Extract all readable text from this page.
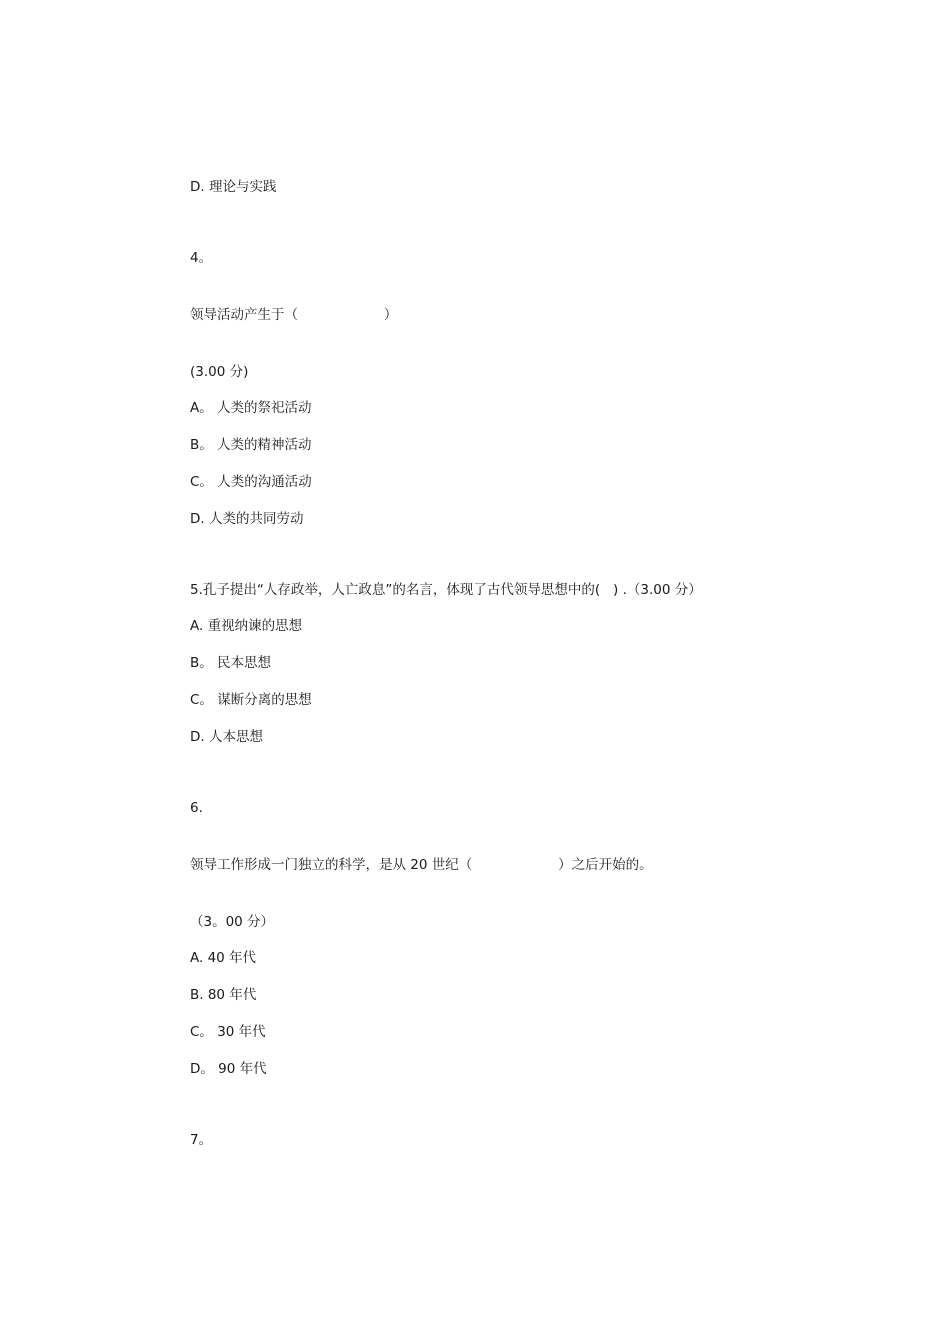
D. 理论与实践
4。
领导活动产生于（                    ）
(3.00 分)
A。 人类的祭祀活动
B。 人类的精神活动
C。 人类的沟通活动
D. 人类的共同劳动
5.孔子提出“人存政举，人亡政息”的名言，体现了古代领导思想中的(   ) .（3.00 分）
A. 重视纳谏的思想
B。 民本思想
C。 谋断分离的思想
D. 人本思想
6.
领导工作形成一门独立的科学，是从 20 世纪（                    ）之后开始的。
（3。00 分）
A. 40 年代
B. 80 年代
C。 30 年代
D。 90 年代
7。
